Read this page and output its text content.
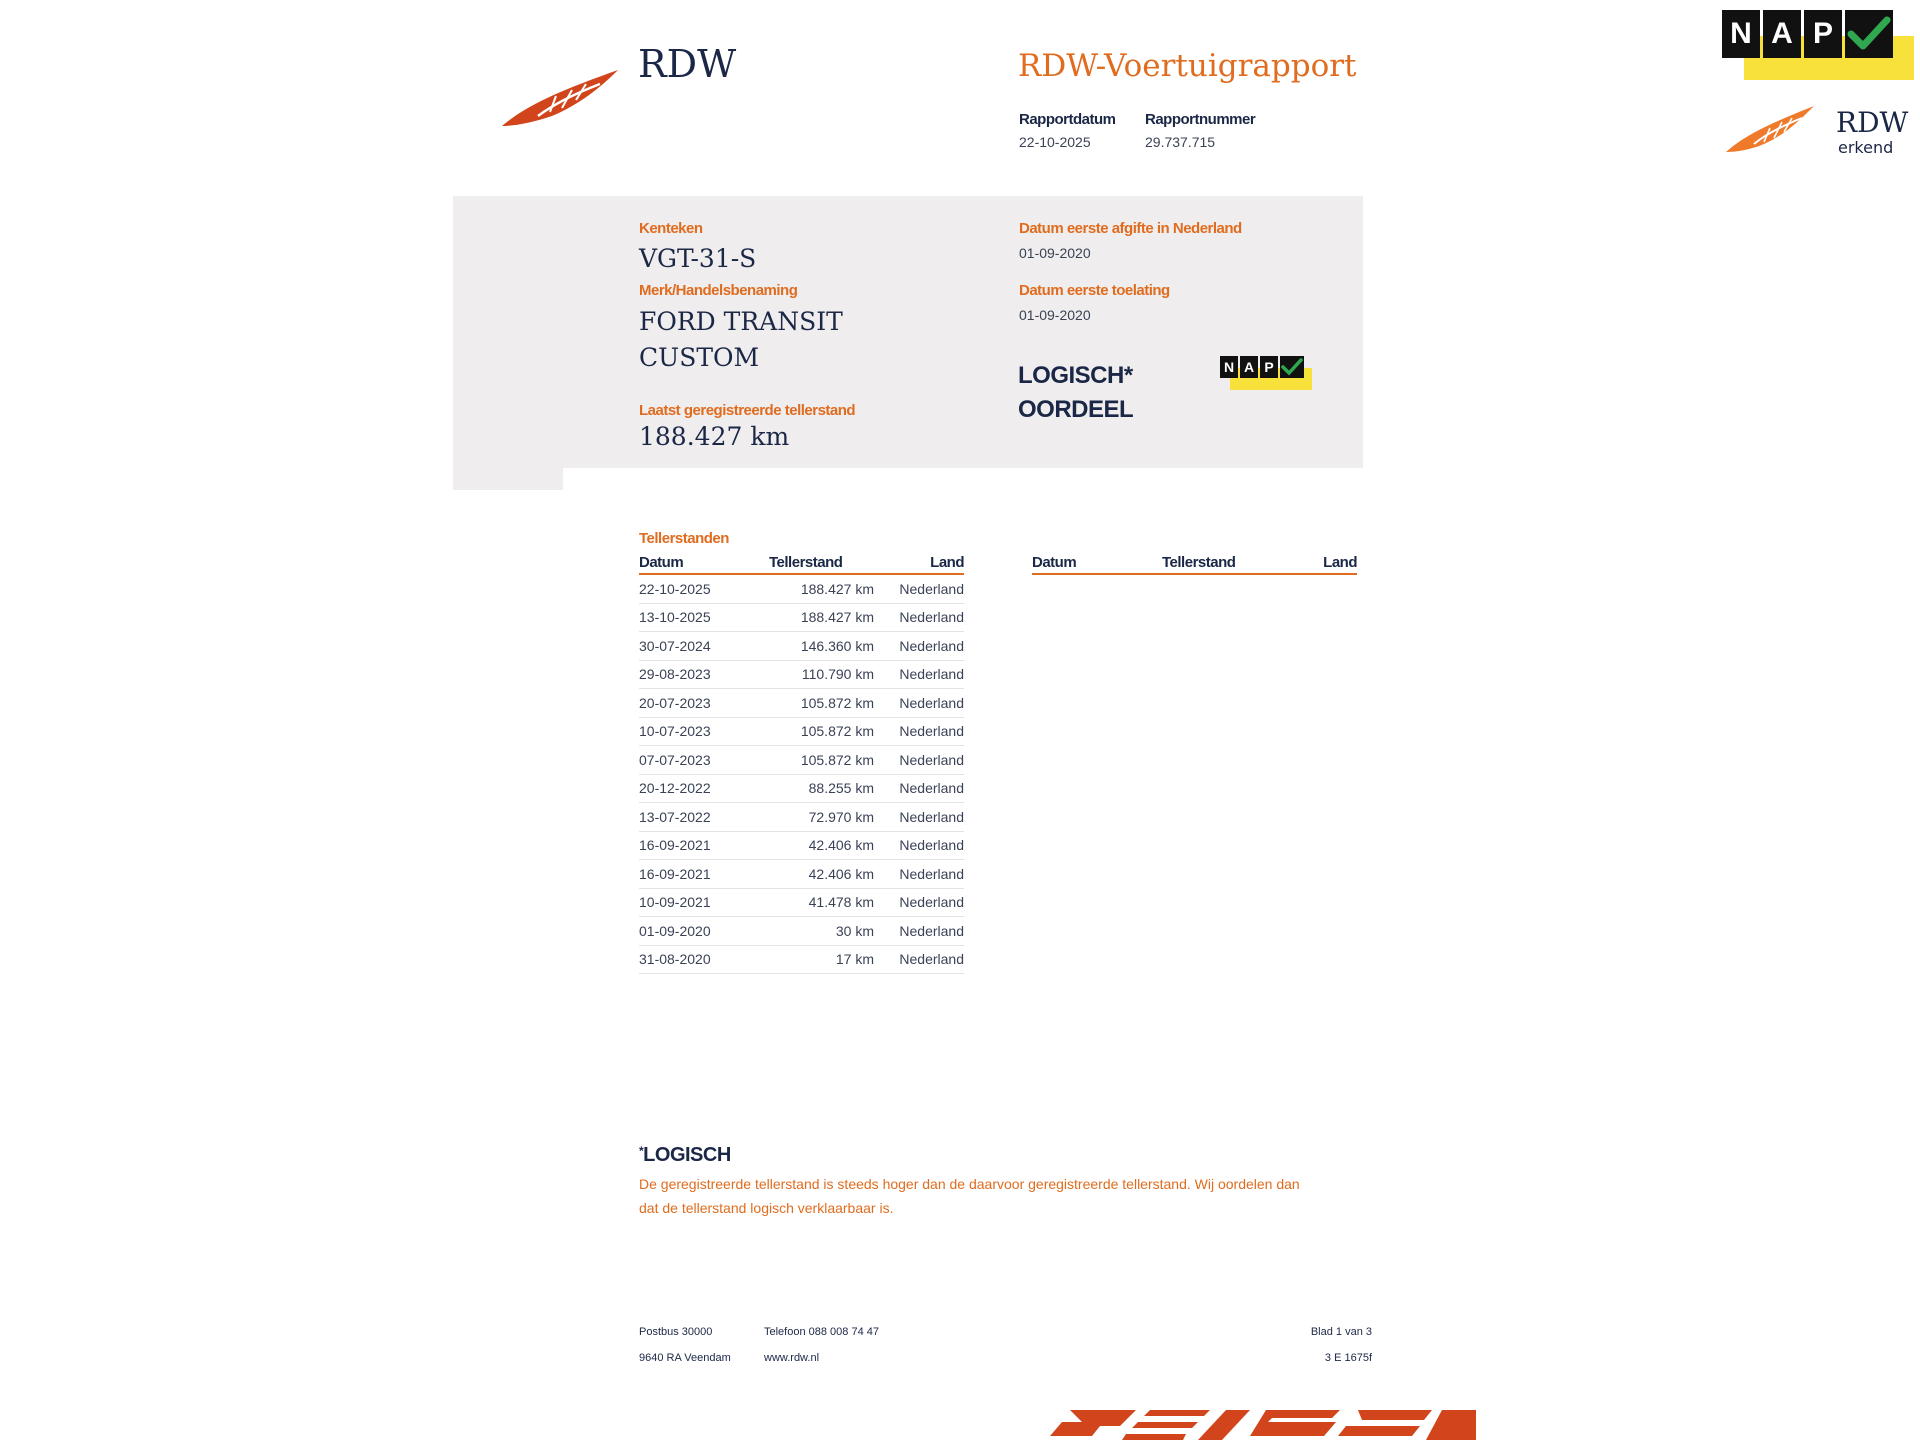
N A P
RDW
erkend
RDW	RDW-Voertuigrapport
Rapportdatum
22-10-2025
Rapportnummer
29.737.715
Kenteken
VGT-31-S
Merk/Handelsbenaming
FORD TRANSIT
CUSTOM
Laatst geregistreerde tellerstand
188.427 km
Datum eerste afgifte in Nederland
01-09-2020
Datum eerste toelating
01-09-2020
LOGISCH*
OORDEEL
N A P
Tellerstanden
Datum	Tellerstand	Land
22-10-2025	188.427 km	Nederland
13-10-2025	188.427 km	Nederland
30-07-2024	146.360 km	Nederland
29-08-2023	110.790 km	Nederland
20-07-2023	105.872 km	Nederland
10-07-2023	105.872 km	Nederland
07-07-2023	105.872 km	Nederland
20-12-2022	88.255 km	Nederland
13-07-2022	72.970 km	Nederland
16-09-2021	42.406 km	Nederland
16-09-2021	42.406 km	Nederland
10-09-2021	41.478 km	Nederland
01-09-2020	30 km	Nederland
31-08-2020	17 km	Nederland
Datum	Tellerstand	Land
*LOGISCH
De geregistreerde tellerstand is steeds hoger dan de daarvoor geregistreerde tellerstand. Wij oordelen dan
dat de tellerstand logisch verklaarbaar is.
Postbus 30000
9640 RA Veendam
Telefoon 088 008 74 47
www.rdw.nl
Blad 1 van 3
3 E 1675f
